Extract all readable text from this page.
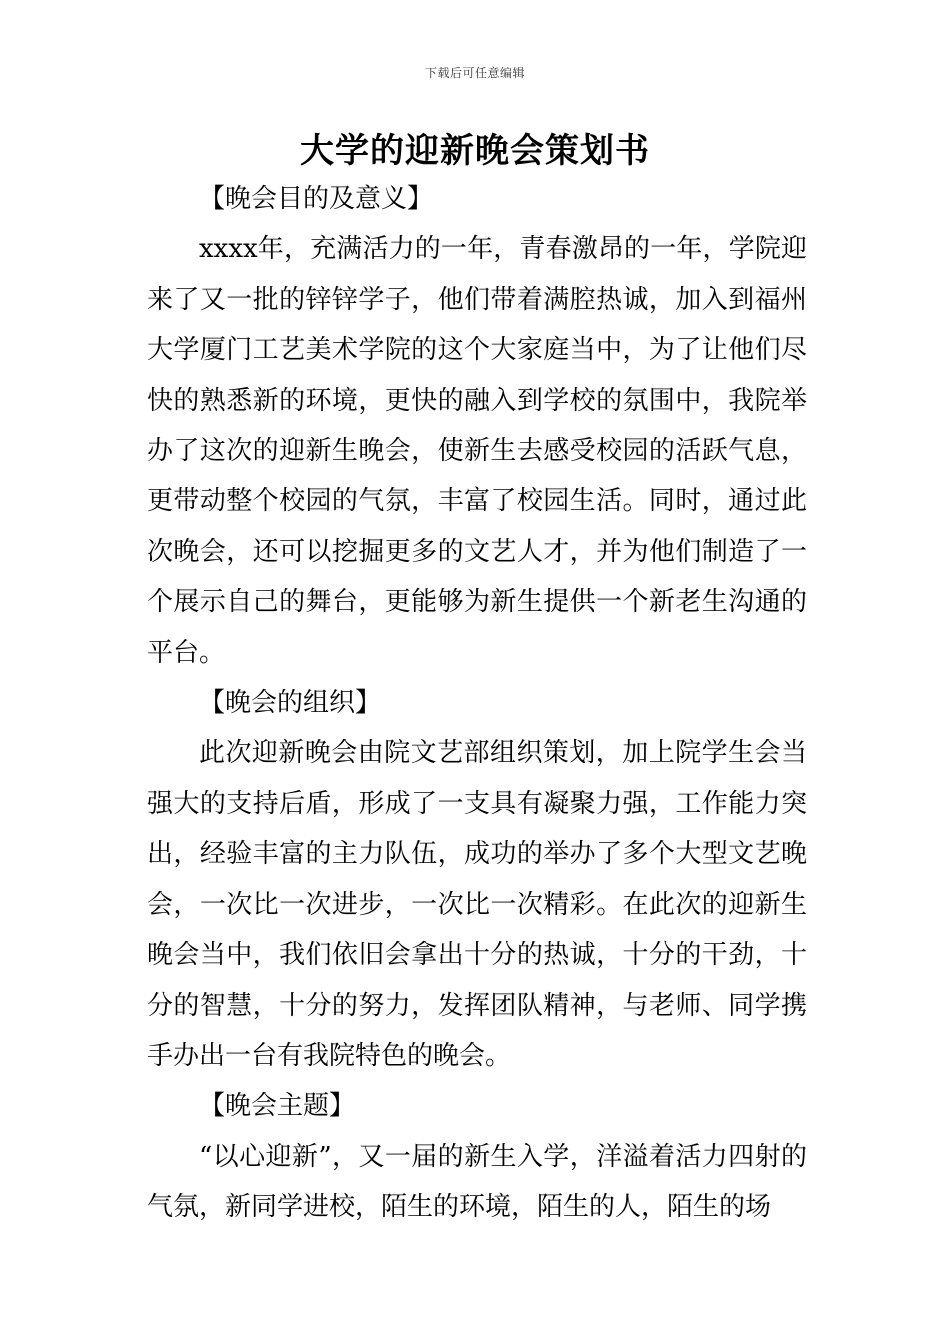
下载后可任意编辑
大学的迎新晚会策划书

【晚会目的及意义】

xxxx年，充满活力的一年，青春激昂的一年，学院迎来了又一批的锌锌学子，他们带着满腔热诚，加入到福州大学厦门工艺美术学院的这个大家庭当中，为了让他们尽快的熟悉新的环境，更快的融入到学校的氛围中，我院举办了这次的迎新生晚会，使新生去感受校园的活跃气息，更带动整个校园的气氛，丰富了校园生活。同时，通过此次晚会，还可以挖掘更多的文艺人才，并为他们制造了一个展示自己的舞台，更能够为新生提供一个新老生沟通的平台。

【晚会的组织】

此次迎新晚会由院文艺部组织策划，加上院学生会当强大的支持后盾，形成了一支具有凝聚力强，工作能力突出，经验丰富的主力队伍，成功的举办了多个大型文艺晚会，一次比一次进步，一次比一次精彩。在此次的迎新生晚会当中，我们依旧会拿出十分的热诚，十分的干劲，十分的智慧，十分的努力，发挥团队精神，与老师、同学携手办出一台有我院特色的晚会。

【晚会主题】

“以心迎新”，又一届的新生入学，洋溢着活力四射的气氛，新同学进校，陌生的环境，陌生的人，陌生的场
